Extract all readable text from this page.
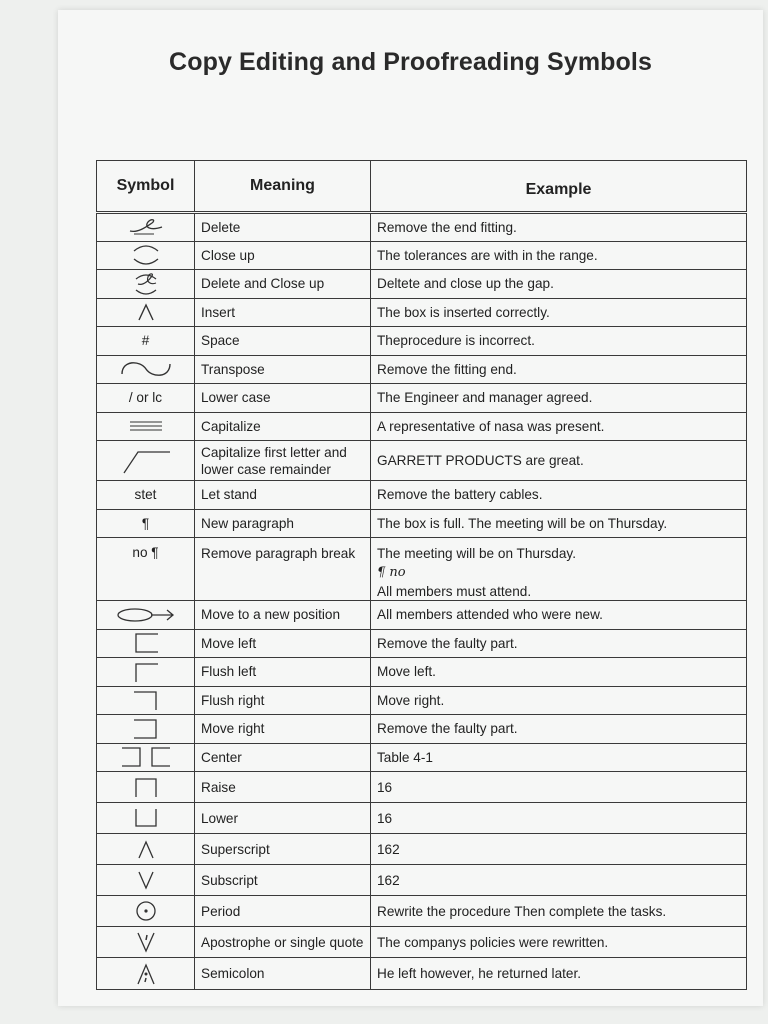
Copy Editing and Proofreading Symbols
Symbol	Meaning	Example

	Delete	Remove the end fitting.

	Close up	The tolerances are with in the range.

	Delete and Close up	Deltete and close up the gap.

	Insert	The box is inserted correctly.
#	Space	Theprocedure is incorrect.

	Transpose	Remove the fitting end.
/ or lc	Lower case	The Engineer and manager agreed.

	Capitalize	A representative of nasa was present.

	Capitalize first letter and lower case remainder	GARRETT PRODUCTS are great.
stet	Let stand	Remove the battery cables.
¶	New paragraph	The box is full. The meeting will be on Thursday.
no ¶	Remove paragraph break	The meeting will be on Thursday.
¶ no
All members must attend.

	Move to a new position	All members attended who were new.

	Move left	Remove the faulty part.

	Flush left	Move left.

	Flush right	Move right.

	Move right	Remove the faulty part.

	Center	Table 4-1

	Raise	16

	Lower	16

	Superscript	162

	Subscript	162

	Period	Rewrite the procedure Then complete the tasks.

	Apostrophe or single quote	The companys policies were rewritten.

	Semicolon	He left however, he returned later.
